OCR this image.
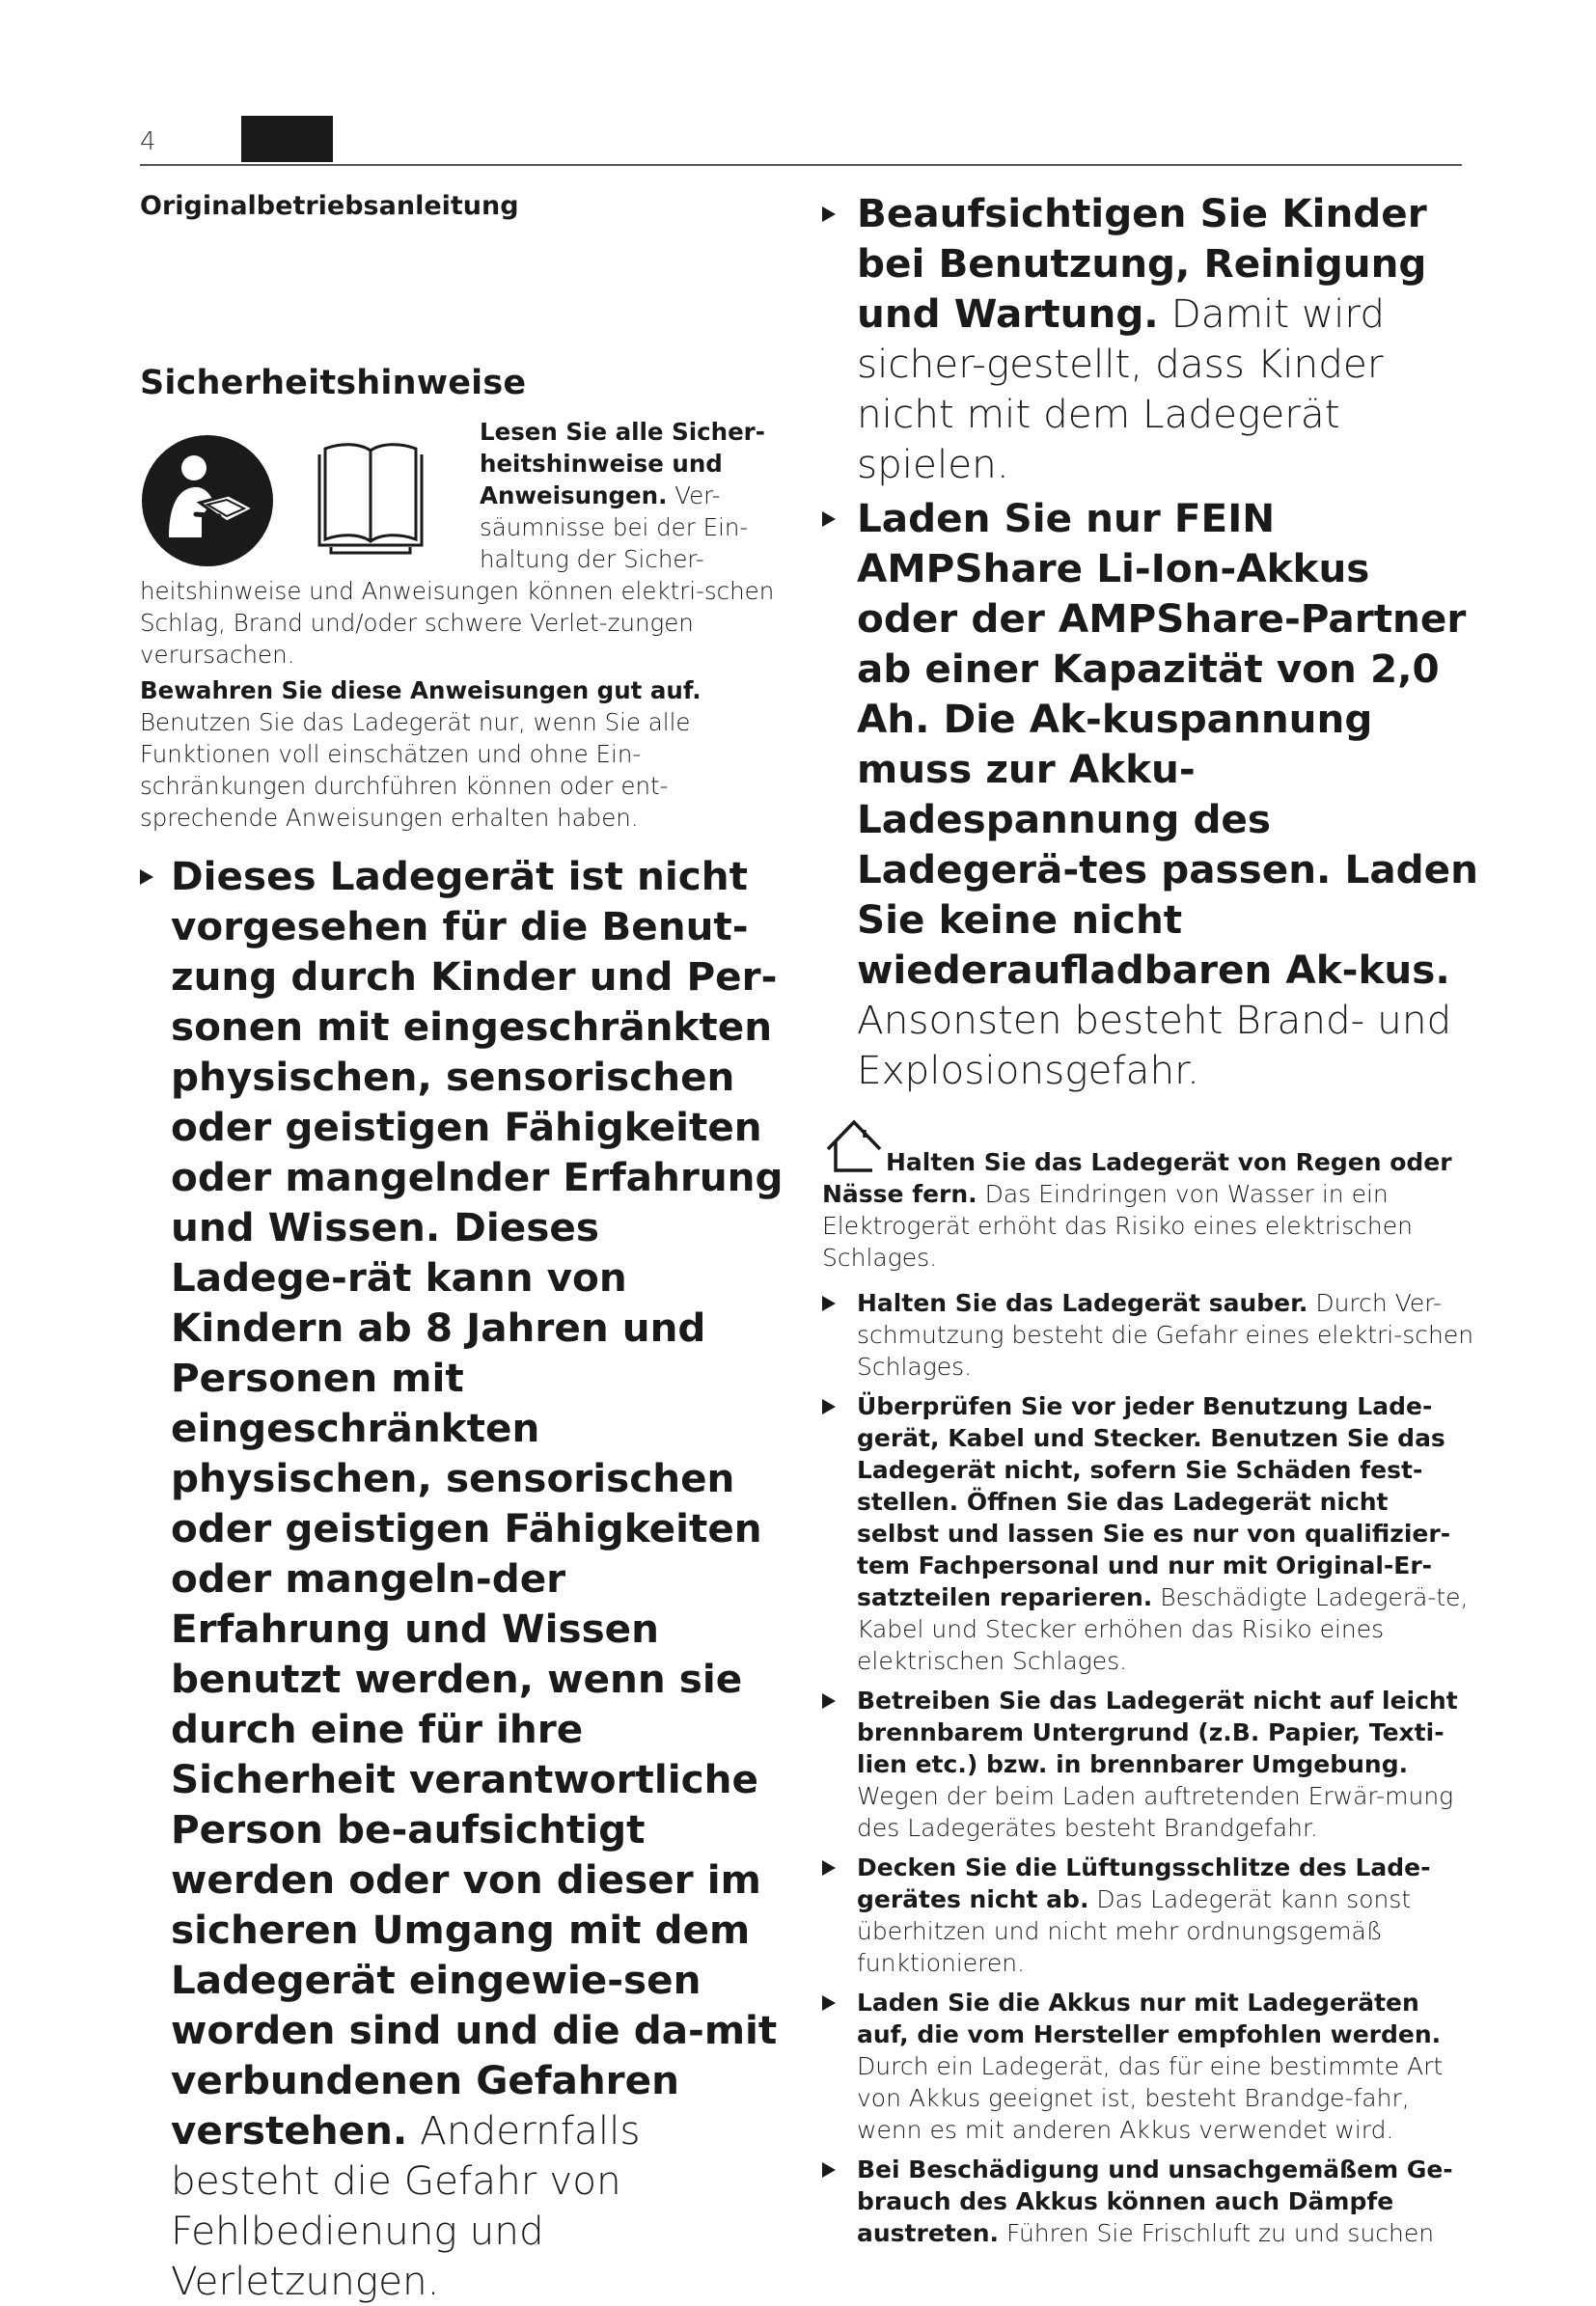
4

Originalbetriebsanleitung

Sicherheitshinweise

Lesen Sie alle Sicher-
heitshinweise und
Anweisungen. Ver-säumnisse bei der Ein-haltung der Sicher-heitshinweise und Anweisungen können elektri-schen Schlag, Brand und/oder schwere Verlet-zungen verursachen.

Bewahren Sie diese Anweisungen gut auf.
Benutzen Sie das Ladegerät nur, wenn Sie alle Funktionen voll einschätzen und ohne Ein-schränkungen durchführen können oder ent-sprechende Anweisungen erhalten haben.

Dieses Ladegerät ist nicht vorgesehen für die Benut-zung durch Kinder und Per-sonen mit eingeschränkten physischen, sensorischen oder geistigen Fähigkeiten oder mangelnder Erfahrung und Wissen. Dieses Ladege-rät kann von Kindern ab 8 Jahren und Personen mit eingeschränkten physischen, sensorischen oder geistigen Fähigkeiten oder mangeln-der Erfahrung und Wissen benutzt werden, wenn sie durch eine für ihre Sicherheit verantwortliche Person be-aufsichtigt werden oder von dieser im sicheren Umgang mit dem Ladegerät eingewie-sen worden sind und die da-mit verbundenen Gefahren verstehen. Andernfalls besteht die Gefahr von Fehlbedienung und Verletzungen.
Beaufsichtigen Sie Kinder bei Benutzung, Reinigung und Wartung. Damit wird sicher-gestellt, dass Kinder nicht mit dem Ladegerät spielen.
Laden Sie nur FEIN AMPShare Li-Ion-Akkus oder der AMPShare-Partner ab einer Kapazität von 2,0 Ah. Die Ak-kuspannung muss zur Akku-Ladespannung des Ladegerä-tes passen. Laden Sie keine nicht wiederaufladbaren Ak-kus. Ansonsten besteht Brand- und Explosionsgefahr.

Halten Sie das Ladegerät von Regen oder Nässe fern. Das Eindringen von Wasser in ein Elektrogerät erhöht das Risiko eines elektrischen Schlages.

Halten Sie das Ladegerät sauber. Durch Ver-schmutzung besteht die Gefahr eines elektri-schen Schlages.
Überprüfen Sie vor jeder Benutzung Lade-gerät, Kabel und Stecker. Benutzen Sie das Ladegerät nicht, sofern Sie Schäden fest-stellen. Öffnen Sie das Ladegerät nicht selbst und lassen Sie es nur von qualifizier-tem Fachpersonal und nur mit Original-Er-satzteilen reparieren. Beschädigte Ladegerä-te, Kabel und Stecker erhöhen das Risiko eines elektrischen Schlages.
Betreiben Sie das Ladegerät nicht auf leicht brennbarem Untergrund (z.B. Papier, Texti-lien etc.) bzw. in brennbarer Umgebung. Wegen der beim Laden auftretenden Erwär-mung des Ladegerätes besteht Brandgefahr.
Decken Sie die Lüftungsschlitze des Lade-gerätes nicht ab. Das Ladegerät kann sonst überhitzen und nicht mehr ordnungsgemäß funktionieren.
Laden Sie die Akkus nur mit Ladegeräten auf, die vom Hersteller empfohlen werden. Durch ein Ladegerät, das für eine bestimmte Art von Akkus geeignet ist, besteht Brandge-fahr, wenn es mit anderen Akkus verwendet wird.
Bei Beschädigung und unsachgemäßem Ge-brauch des Akkus können auch Dämpfe austreten. Führen Sie Frischluft zu und suchen
